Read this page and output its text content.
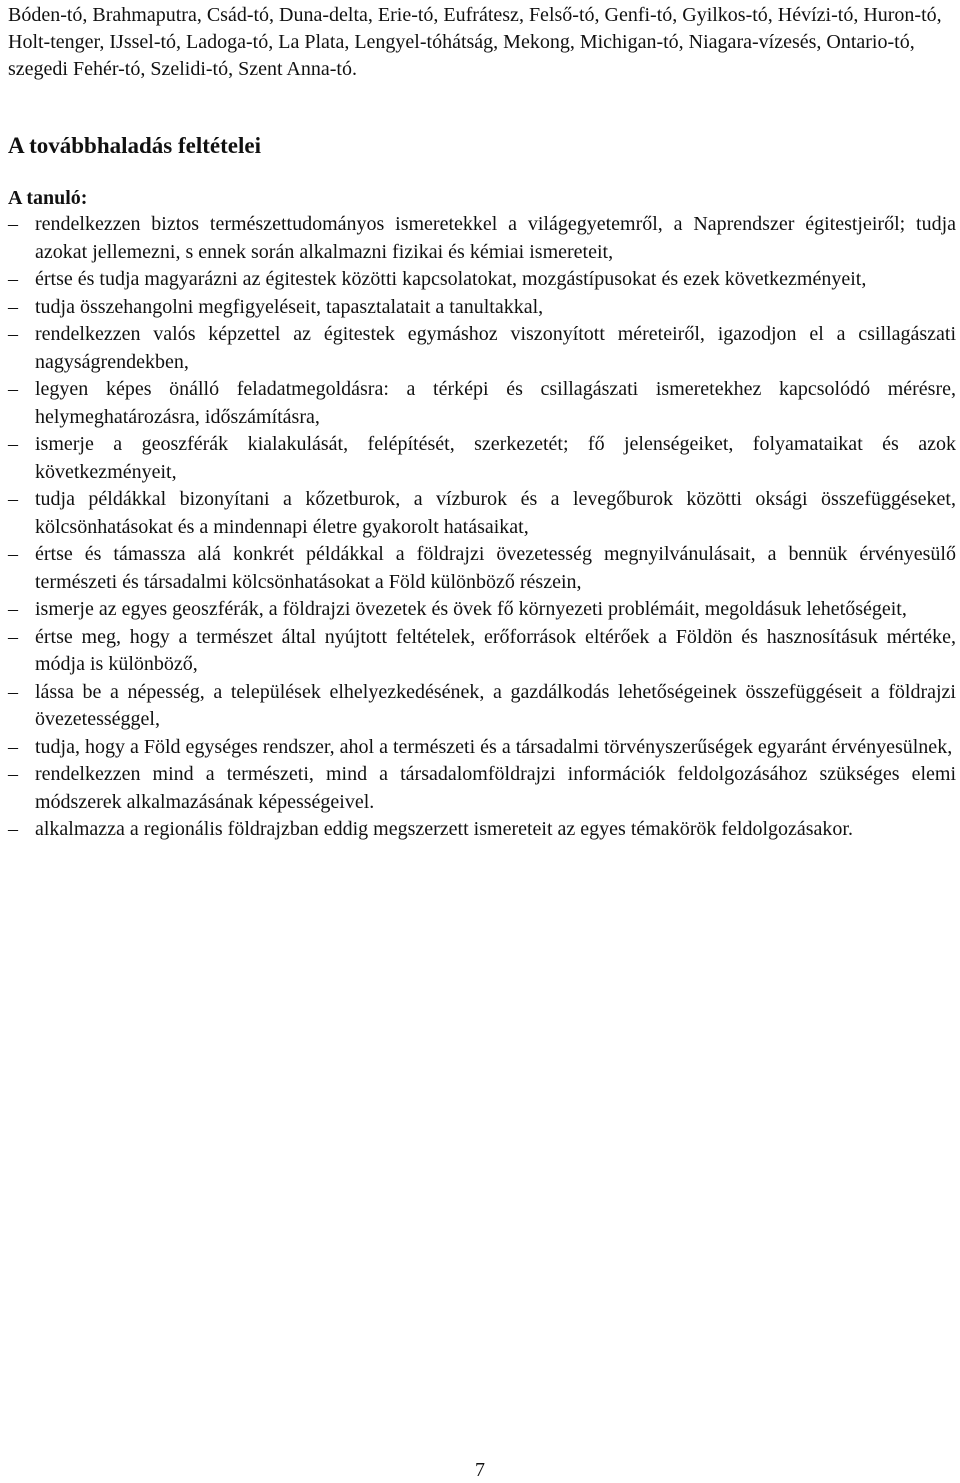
Bóden-tó, Brahmaputra, Csád-tó, Duna-delta, Erie-tó, Eufrátesz, Felső-tó, Genfi-tó, Gyilkos-tó, Hévízi-tó, Huron-tó, Holt-tenger, IJssel-tó, Ladoga-tó, La Plata, Lengyel-tóhátság, Mekong, Michigan-tó, Niagara-vízesés, Ontario-tó, szegedi Fehér-tó, Szelidi-tó, Szent Anna-tó.

A továbbhaladás feltételei

A tanuló:

– rendelkezzen biztos természettudományos ismeretekkel a világegyetemről, a Naprendszer égitestjeiről; tudja azokat jellemezni, s ennek során alkalmazni fizikai és kémiai ismereteit,
– értse és tudja magyarázni az égitestek közötti kapcsolatokat, mozgástípusokat és ezek következményeit,
– tudja összehangolni megfigyeléseit, tapasztalatait a tanultakkal,
– rendelkezzen valós képzettel az égitestek egymáshoz viszonyított méreteiről, igazodjon el a csillagászati nagyságrendekben,
– legyen képes önálló feladatmegoldásra: a térképi és csillagászati ismeretekhez kapcsolódó mérésre, helymeghatározásra, időszámításra,
– ismerje a geoszférák kialakulását, felépítését, szerkezetét; fő jelenségeiket, folyamataikat és azok következményeit,
– tudja példákkal bizonyítani a kőzetburok, a vízburok és a levegőburok közötti oksági összefüggéseket, kölcsönhatásokat és a mindennapi életre gyakorolt hatásaikat,
– értse és támassza alá konkrét példákkal a földrajzi övezetesség megnyilvánulásait, a bennük érvényesülő természeti és társadalmi kölcsönhatásokat a Föld különböző részein,
– ismerje az egyes geoszférák, a földrajzi övezetek és övek fő környezeti problémáit, megoldásuk lehetőségeit,
– értse meg, hogy a természet által nyújtott feltételek, erőforrások eltérőek a Földön és hasznosításuk mértéke, módja is különböző,
– lássa be a népesség, a települések elhelyezkedésének, a gazdálkodás lehetőségeinek összefüggéseit a földrajzi övezetességgel,
– tudja, hogy a Föld egységes rendszer, ahol a természeti és a társadalmi törvényszerűségek egyaránt érvényesülnek,
– rendelkezzen mind a természeti, mind a társadalomföldrajzi információk feldolgozásához szükséges elemi módszerek alkalmazásának képességeivel.
– alkalmazza a regionális földrajzban eddig megszerzett ismereteit az egyes témakörök feldolgozásakor.

7
